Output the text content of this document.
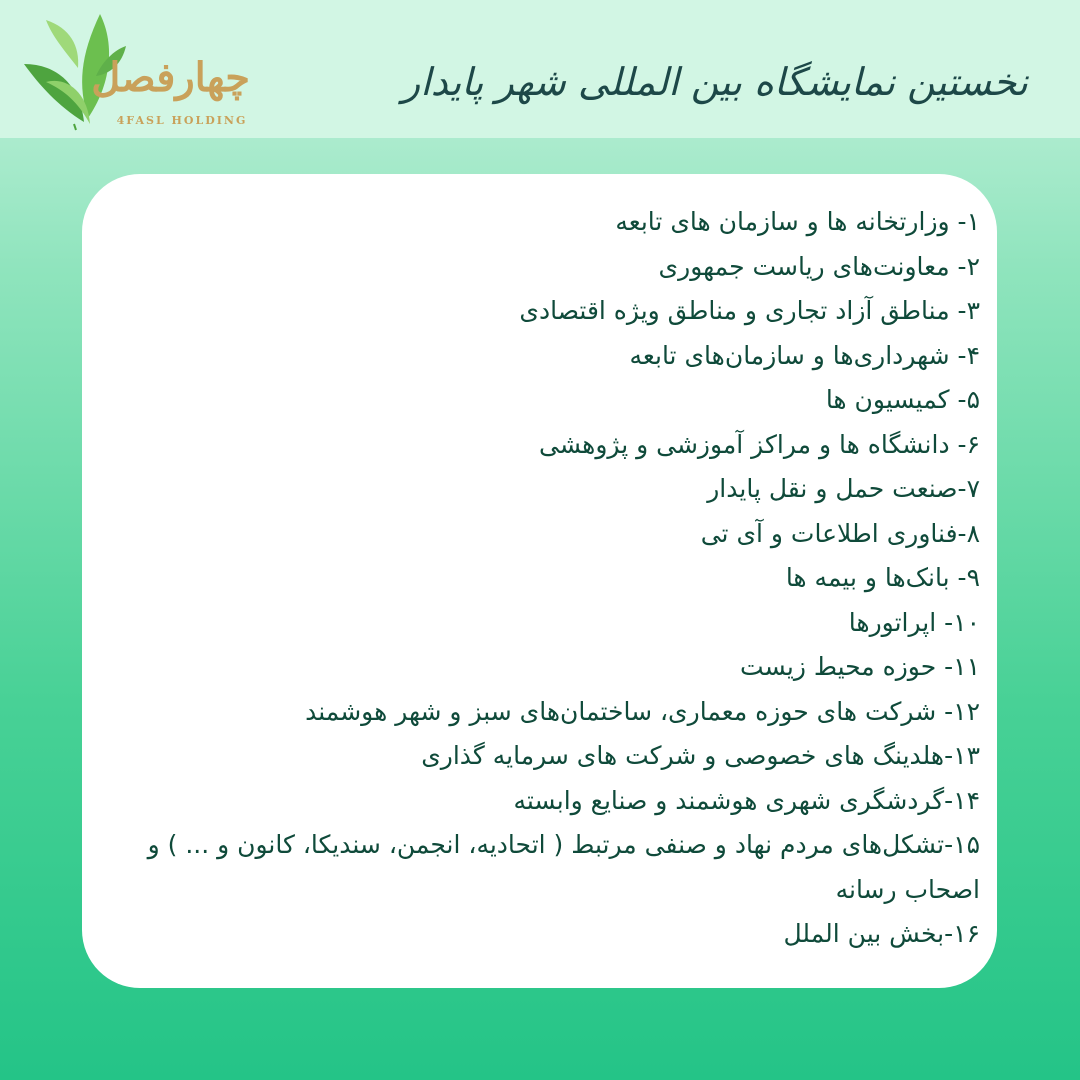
چهارفصل
4FASL HOLDING
نخستین نمایشگاه بین المللی شهر پایدار
۱- وزارتخانه ها و سازمان های تابعه
۲- معاونت‌های ریاست جمهوری
۳- مناطق آزاد تجاری و مناطق ویژه اقتصادی
۴- شهرداری‌ها و سازمان‌های تابعه
۵- کمیسیون ها
۶- دانشگاه ها و مراکز آموزشی و پژوهشی
۷-صنعت حمل و نقل پایدار
۸-فناوری اطلاعات و آی تی
۹- بانک‌ها و بیمه ها
۱۰- اپراتورها
۱۱- حوزه محیط زیست
۱۲- شرکت های حوزه معماری، ساختمان‌های سبز و شهر هوشمند
۱۳-هلدینگ های خصوصی و شرکت های سرمایه گذاری
۱۴-گردشگری شهری هوشمند و صنایع وابسته
۱۵-تشکل‌های مردم نهاد و صنفی مرتبط ( اتحادیه، انجمن، سندیکا، کانون و ... ) و اصحاب رسانه
۱۶-بخش بین الملل
